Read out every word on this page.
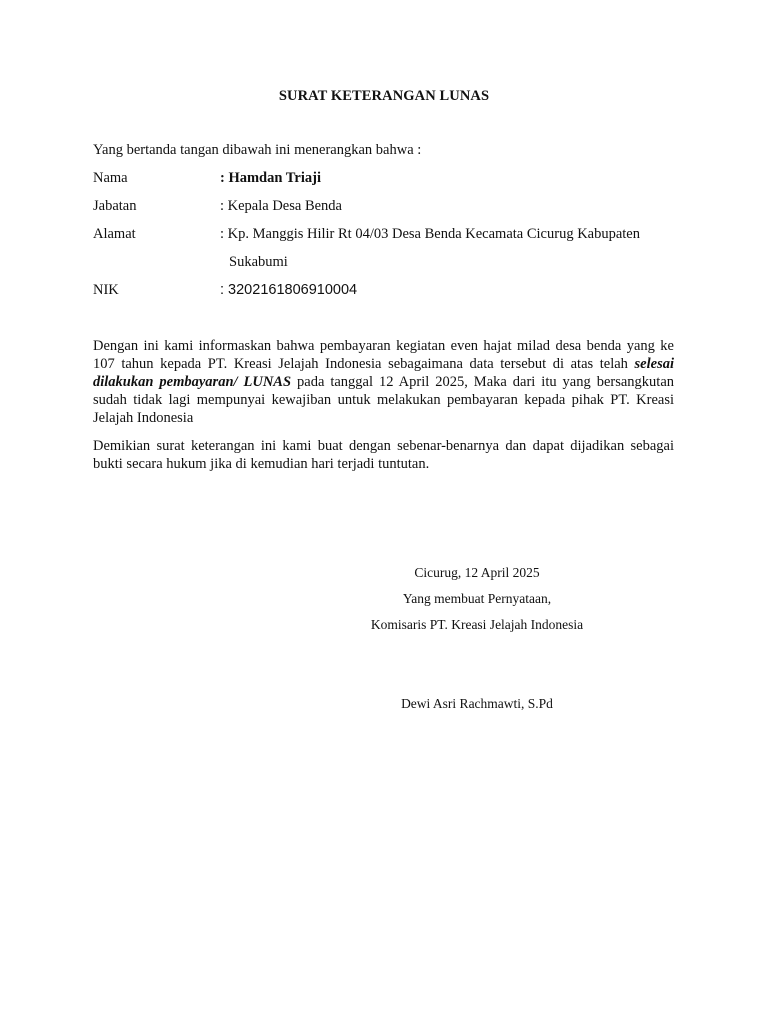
SURAT KETERANGAN LUNAS
Yang bertanda tangan dibawah ini menerangkan bahwa :
Nama	: Hamdan Triaji
Jabatan	: Kepala Desa Benda
Alamat	: Kp. Manggis Hilir Rt 04/03 Desa Benda Kecamata Cicurug Kabupaten
Sukabumi
NIK	: 3202161806910004
Dengan ini kami informaskan bahwa pembayaran kegiatan even hajat milad desa benda yang ke 107 tahun kepada PT. Kreasi Jelajah Indonesia sebagaimana data tersebut di atas telah selesai dilakukan pembayaran/ LUNAS pada tanggal 12 April 2025, Maka dari itu yang bersangkutan sudah tidak lagi mempunyai kewajiban untuk melakukan pembayaran kepada pihak PT. Kreasi Jelajah Indonesia
Demikian surat keterangan ini kami buat dengan sebenar-benarnya dan dapat dijadikan sebagai bukti secara hukum jika di kemudian hari terjadi tuntutan.
Cicurug, 12 April 2025
Yang membuat Pernyataan,
Komisaris PT. Kreasi Jelajah Indonesia
Dewi Asri Rachmawti, S.Pd
